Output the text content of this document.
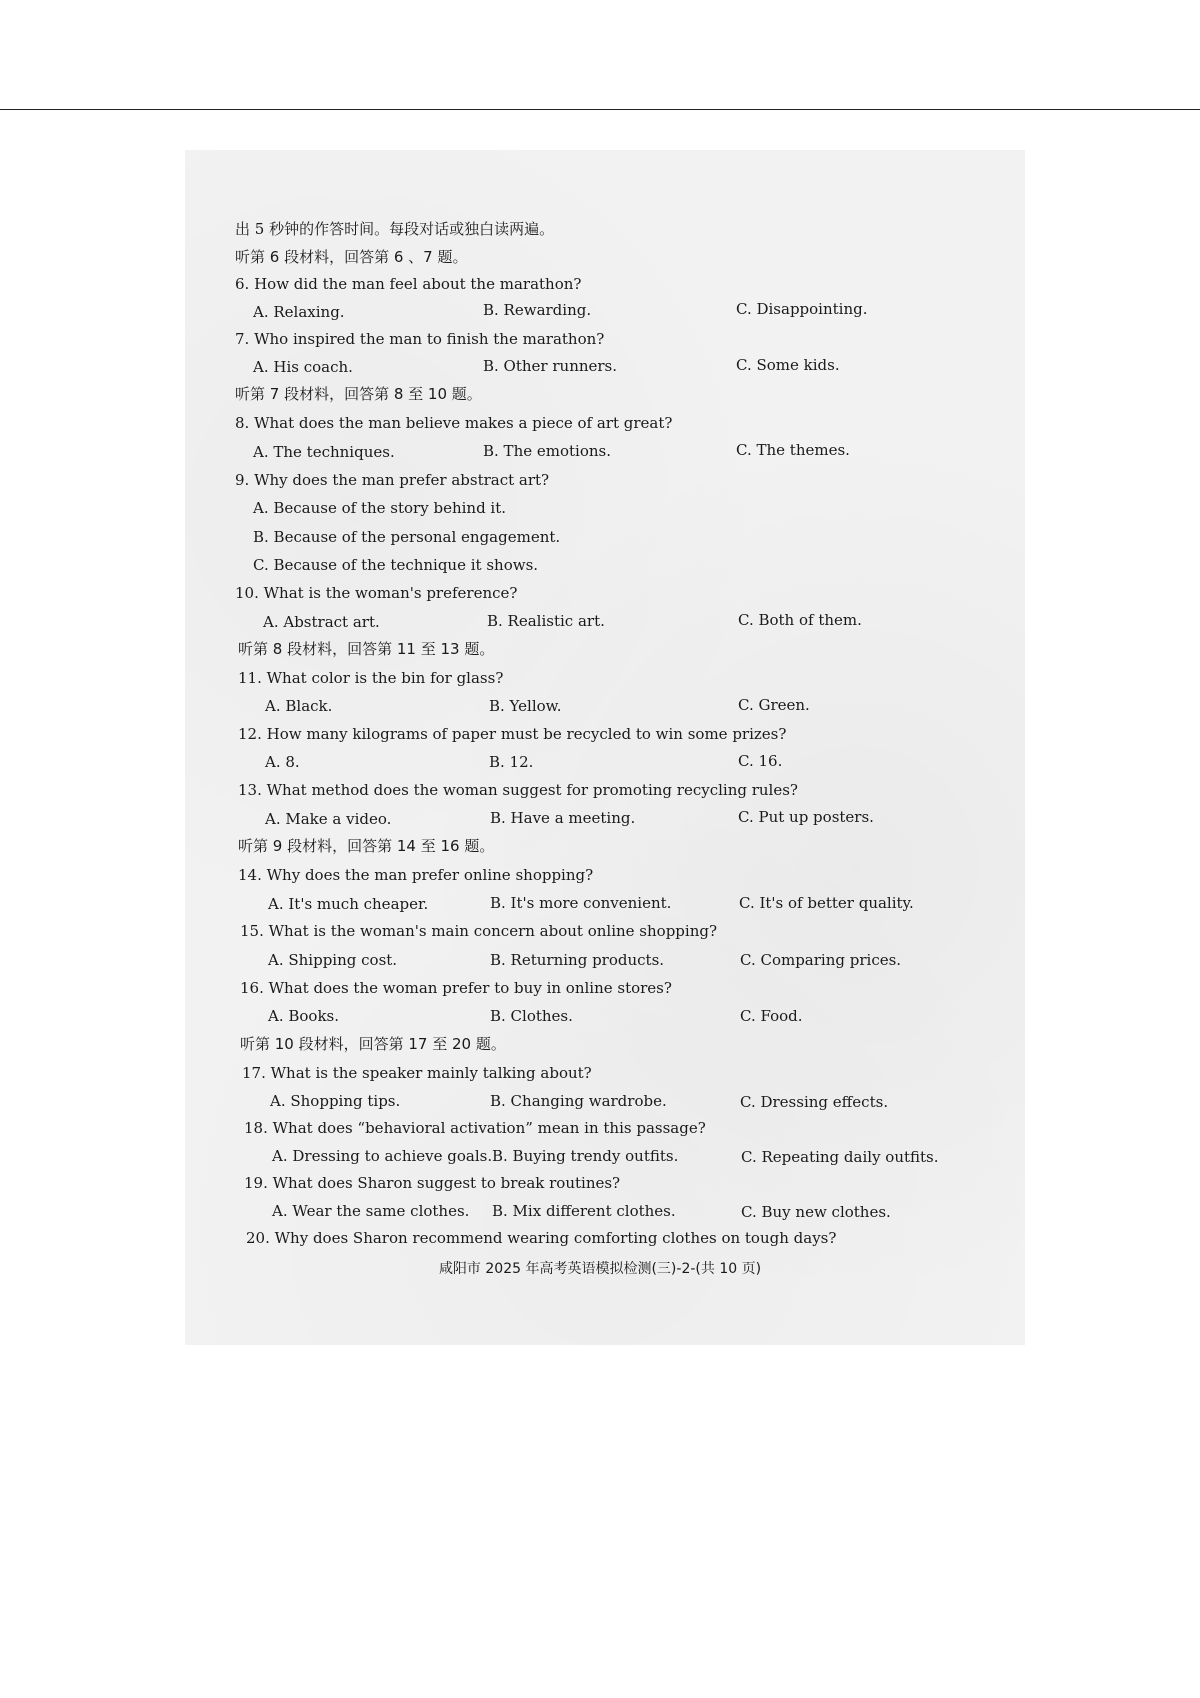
出 5 秒钟的作答时间。每段对话或独白读两遍。
听第 6 段材料，回答第 6 、7 题。
6. How did the man feel about the marathon?
A. Relaxing.	B. Rewarding.	C. Disappointing.
7. Who inspired the man to finish the marathon?
A. His coach.	B. Other runners.	C. Some kids.
听第 7 段材料，回答第 8 至 10 题。
8. What does the man believe makes a piece of art great?
A. The techniques.	B. The emotions.	C. The themes.
9. Why does the man prefer abstract art?
A. Because of the story behind it.
B. Because of the personal engagement.
C. Because of the technique it shows.
10. What is the woman's preference?
A. Abstract art.	B. Realistic art.	C. Both of them.
听第 8 段材料，回答第 11 至 13 题。
11. What color is the bin for glass?
A. Black.	B. Yellow.	C. Green.
12. How many kilograms of paper must be recycled to win some prizes?
A. 8.	B. 12.	C. 16.
13. What method does the woman suggest for promoting recycling rules?
A. Make a video.	B. Have a meeting.	C. Put up posters.
听第 9 段材料，回答第 14 至 16 题。
14. Why does the man prefer online shopping?
A. It's much cheaper.	B. It's more convenient.	C. It's of better quality.
15. What is the woman's main concern about online shopping?
A. Shipping cost.	B. Returning products.	C. Comparing prices.
16. What does the woman prefer to buy in online stores?
A. Books.	B. Clothes.	C. Food.
听第 10 段材料，回答第 17 至 20 题。
17. What is the speaker mainly talking about?
A. Shopping tips.	B. Changing wardrobe.	C. Dressing effects.
18. What does “behavioral activation” mean in this passage?
A. Dressing to achieve goals. B. Buying trendy outfits.	C. Repeating daily outfits.
19. What does Sharon suggest to break routines?
A. Wear the same clothes. B. Mix different clothes.	C. Buy new clothes.
20. Why does Sharon recommend wearing comforting clothes on tough days?
咸阳市 2025 年高考英语模拟检测(三)-2-(共 10 页)
